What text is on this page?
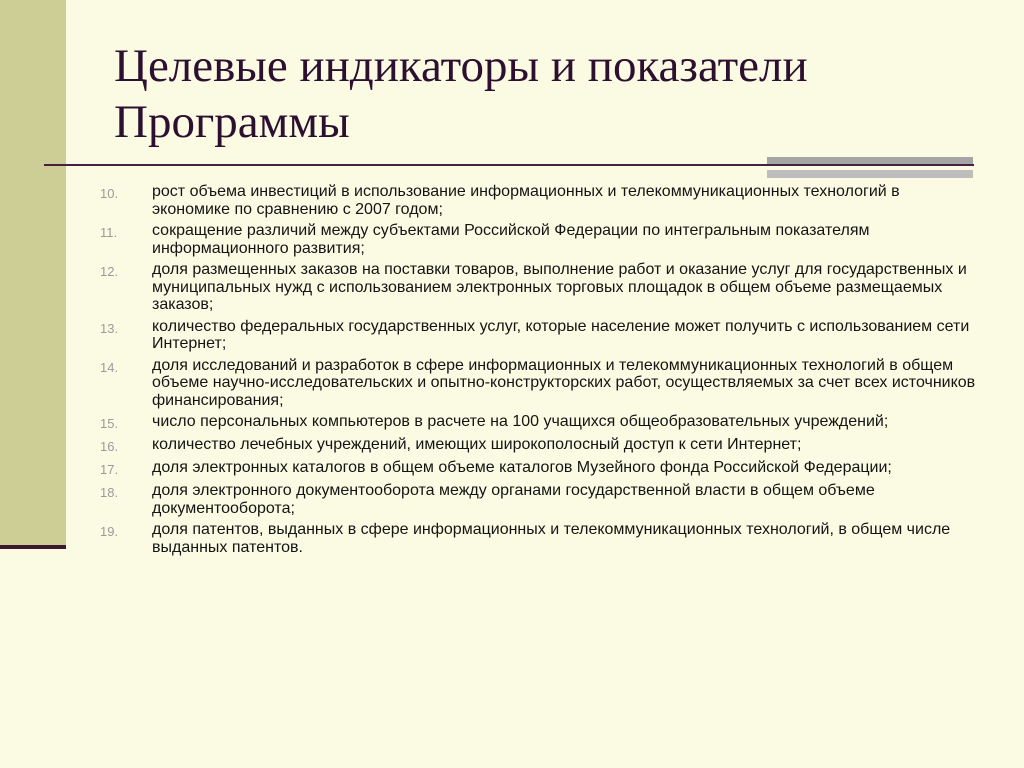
Целевые индикаторы и показатели Программы
10.	рост объема инвестиций в использование информационных и телекоммуникационных технологий в экономике по сравнению с 2007 годом;
11.	сокращение различий между субъектами Российской Федерации по интегральным показателям информационного развития;
12.	доля размещенных заказов на поставки товаров, выполнение работ и оказание услуг для государственных и муниципальных нужд с использованием электронных торговых площадок в общем объеме размещаемых заказов;
13.	количество федеральных государственных услуг, которые население может получить с использованием сети Интернет;
14.	доля исследований и разработок в сфере информационных и телекоммуникационных технологий в общем объеме научно-исследовательских и опытно-конструкторских работ, осуществляемых за счет всех источников финансирования;
15.	число персональных компьютеров в расчете на 100 учащихся общеобразовательных учреждений;
16.	количество лечебных учреждений, имеющих широкополосный доступ к сети Интернет;
17.	доля электронных каталогов в общем объеме каталогов Музейного фонда Российской Федерации;
18.	доля электронного документооборота между органами государственной власти в общем объеме документооборота;
19.	доля патентов, выданных в сфере информационных и телекоммуникационных технологий, в общем числе выданных патентов.
